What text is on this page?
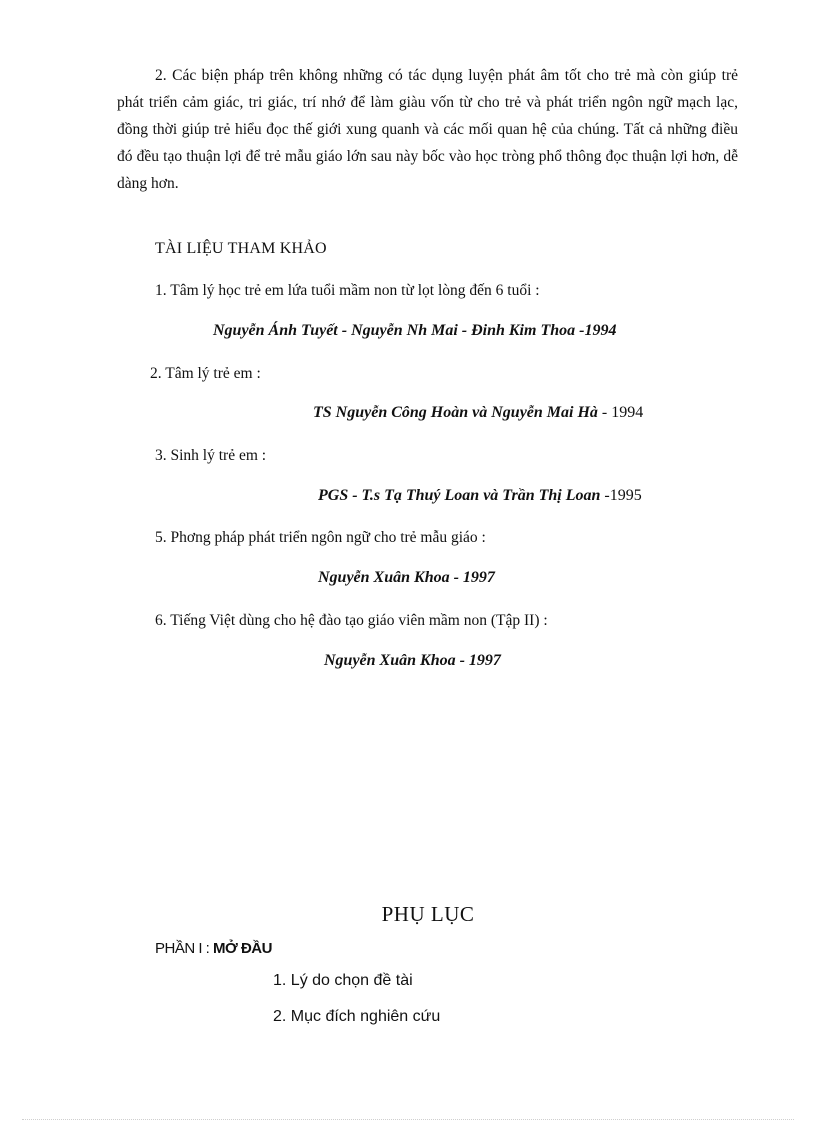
2. Các biện pháp trên không những có tác dụng luyện phát âm tốt cho trẻ mà còn giúp trẻ phát triển cảm giác, tri giác, trí nhớ để làm giàu vốn từ cho trẻ và phát triển ngôn ngữ mạch lạc, đồng thời giúp trẻ hiểu đọc thế giới xung quanh và các mối quan hệ của chúng. Tất cả những điều đó đều tạo thuận lợi để trẻ mẫu giáo lớn sau này bốc vào học tròng phổ thông đọc thuận lợi hơn, dễ dàng hơn.

TÀI LIỆU THAM KHẢO
1. Tâm lý học trẻ em lứa tuổi mầm non từ lọt lòng đến 6 tuổi :
Nguyễn Ánh Tuyết - Nguyễn Nh Mai - Đinh Kim Thoa -1994
2. Tâm lý trẻ em :
TS Nguyễn Công Hoàn và Nguyễn Mai Hà - 1994
3. Sinh lý trẻ em :
PGS - T.s Tạ Thuý Loan và Trần Thị Loan -1995
5. Phơng pháp phát triển ngôn ngữ cho trẻ mẫu giáo :
Nguyễn Xuân Khoa - 1997
6. Tiếng Việt dùng cho hệ đào tạo giáo viên mầm non (Tập II) :
Nguyễn Xuân Khoa - 1997
PHỤ LỤC
PHẦN I : MỞ ĐẦU
1. Lý do chọn đề tài
2. Mục đích nghiên cứu
